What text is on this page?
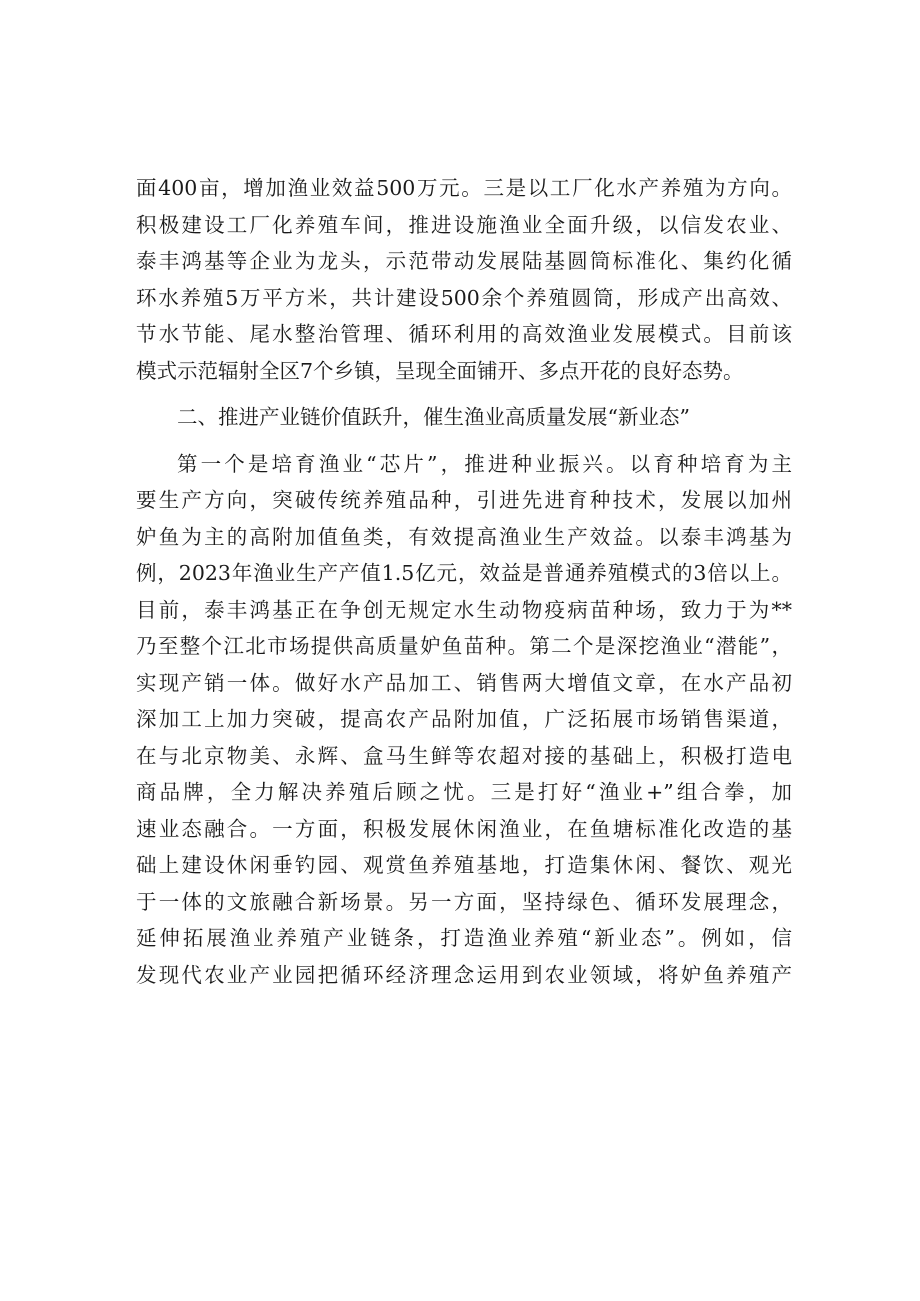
面400亩，增加渔业效益500万元。三是以工厂化水产养殖为方向。
积极建设工厂化养殖车间，推进设施渔业全面升级，以信发农业、
泰丰鸿基等企业为龙头，示范带动发展陆基圆筒标准化、集约化循
环水养殖5万平方米，共计建设500余个养殖圆筒，形成产出高效、
节水节能、尾水整治管理、循环利用的高效渔业发展模式。目前该
模式示范辐射全区7个乡镇，呈现全面铺开、多点开花的良好态势。
二、推进产业链价值跃升，催生渔业高质量发展“新业态”
第一个是培育渔业“芯片”，推进种业振兴。以育种培育为主
要生产方向，突破传统养殖品种，引进先进育种技术，发展以加州
妒鱼为主的高附加值鱼类，有效提高渔业生产效益。以泰丰鸿基为
例，2023年渔业生产产值1.5亿元，效益是普通养殖模式的3倍以上。
目前，泰丰鸿基正在争创无规定水生动物疫病苗种场，致力于为**
乃至整个江北市场提供高质量妒鱼苗种。第二个是深挖渔业“潜能”，
实现产销一体。做好水产品加工、销售两大增值文章，在水产品初
深加工上加力突破，提高农产品附加值，广泛拓展市场销售渠道，
在与北京物美、永辉、盒马生鲜等农超对接的基础上，积极打造电
商品牌，全力解决养殖后顾之忧。三是打好“渔业+”组合拳，加
速业态融合。一方面，积极发展休闲渔业，在鱼塘标准化改造的基
础上建设休闲垂钓园、观赏鱼养殖基地，打造集休闲、餐饮、观光
于一体的文旅融合新场景。另一方面，坚持绿色、循环发展理念，
延伸拓展渔业养殖产业链条，打造渔业养殖“新业态”。例如，信
发现代农业产业园把循环经济理念运用到农业领域，将妒鱼养殖产
